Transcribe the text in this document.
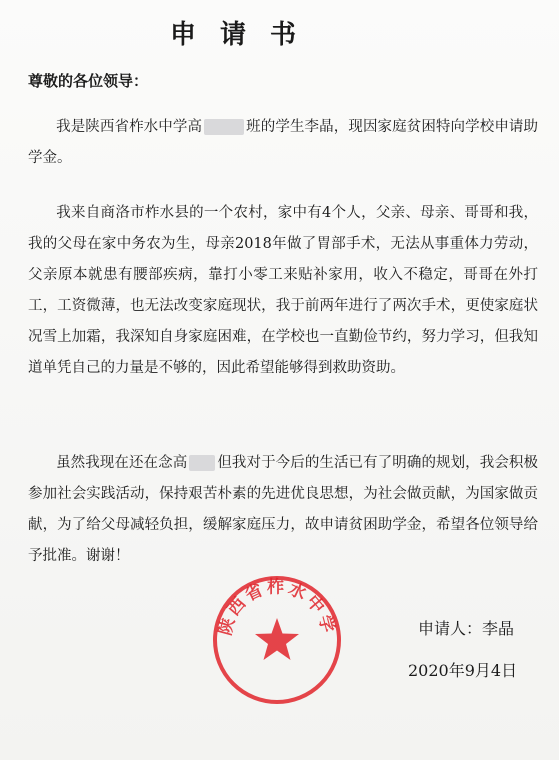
申请书
尊敬的各位领导：
我是陕西省柞水中学高	班的学生李晶，现因家庭贫困特向学校申请助学金。
我来自商洛市柞水县的一个农村，家中有4个人，父亲、母亲、哥哥和我，我的父母在家中务农为生，母亲2018年做了胃部手术，无法从事重体力劳动，父亲原本就患有腰部疾病，靠打小零工来贴补家用，收入不稳定，哥哥在外打工，工资微薄，也无法改变家庭现状，我于前两年进行了两次手术，更使家庭状况雪上加霜，我深知自身家庭困难，在学校也一直勤俭节约，努力学习，但我知道单凭自己的力量是不够的，因此希望能够得到救助资助。
虽然我现在还在念高 但我对于今后的生活已有了明确的规划，我会积极参加社会实践活动，保持艰苦朴素的先进优良思想，为社会做贡献，为国家做贡献，为了给父母减轻负担，缓解家庭压力，故申请贫困助学金，希望各位领导给予批准。谢谢！
陕西省柞水中学	申请人：李晶
2020年9月4日
